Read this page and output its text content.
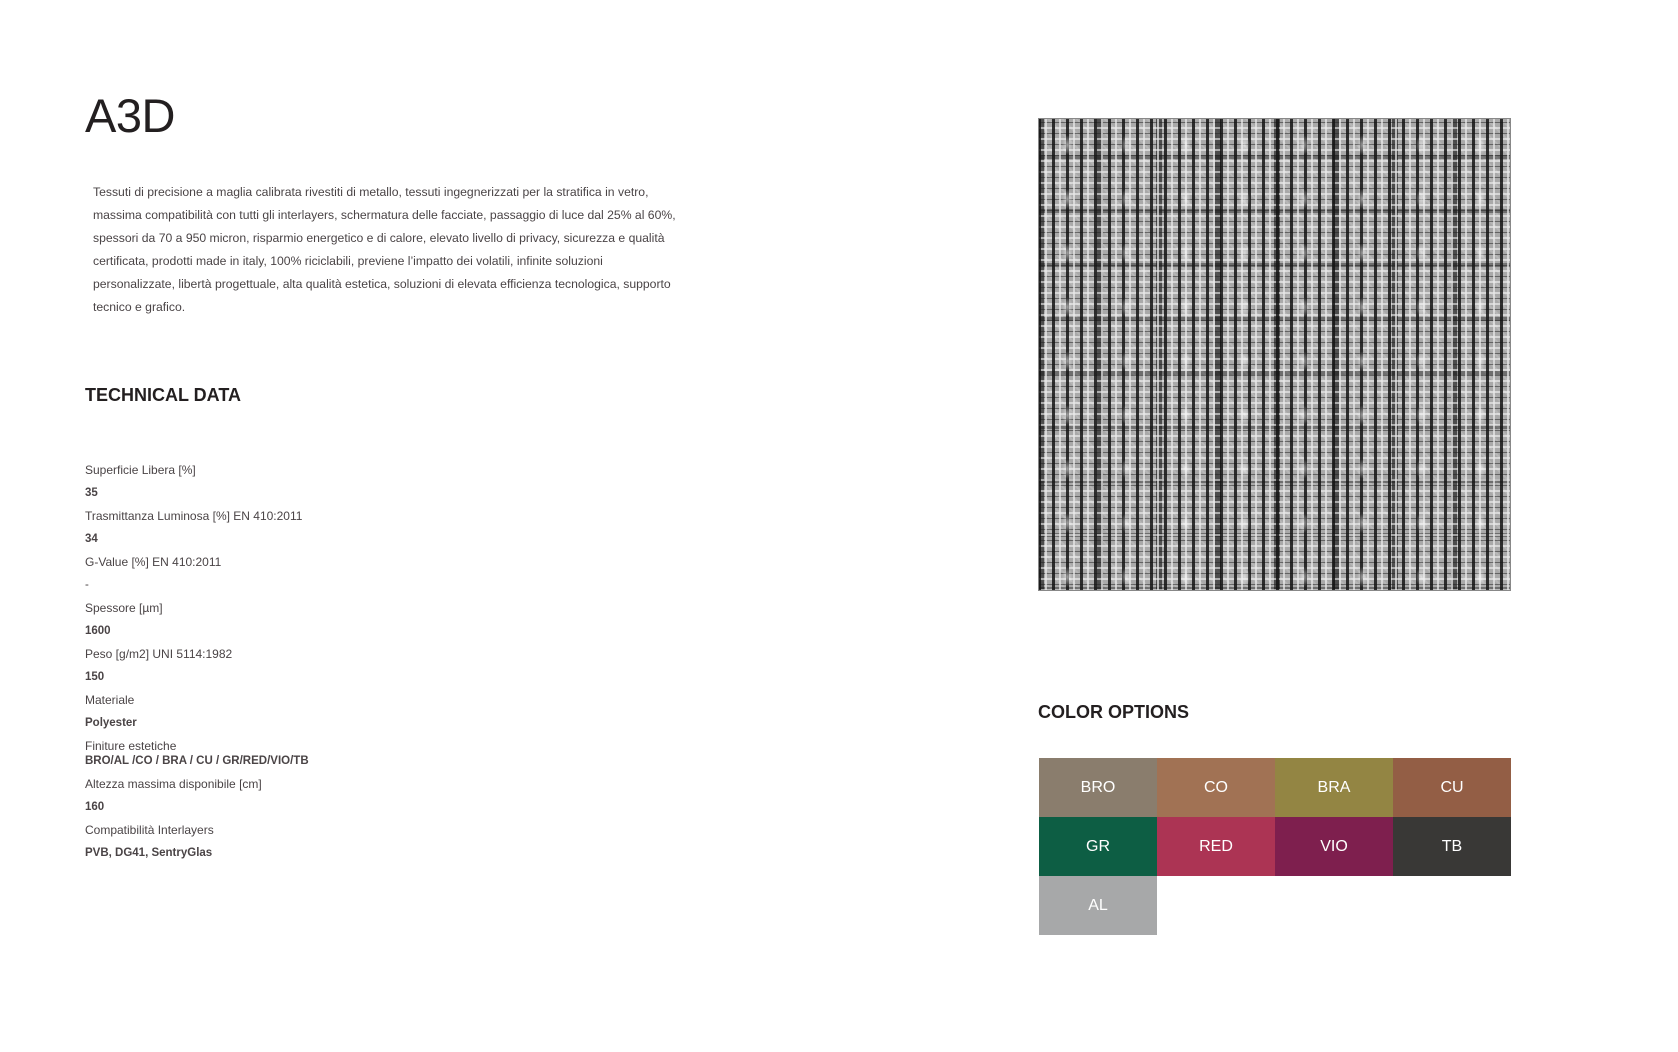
A3D

Tessuti di precisione a maglia calibrata rivestiti di metallo, tessuti ingegnerizzati per la stratifica in vetro, massima compatibilità con tutti gli interlayers, schermatura delle facciate, passaggio di luce dal 25% al 60%, spessori da 70 a 950 micron, risparmio energetico e di calore, elevato livello di privacy, sicurezza e qualità certificata, prodotti made in italy, 100% riciclabili, previene l’impatto dei volatili, infinite soluzioni personalizzate, libertà progettuale, alta qualità estetica, soluzioni di elevata efficienza tecnologica, supporto tecnico e grafico.

TECHNICAL DATA
Superficie Libera [%]
35
Trasmittanza Luminosa [%] EN 410:2011
34
G-Value [%] EN 410:2011
-
Spessore [µm]
1600
Peso [g/m2] UNI 5114:1982
150
Materiale
Polyester
Finiture estetiche
BRO/AL /CO / BRA / CU / GR/RED/VIO/TB
Altezza massima disponibile [cm]
160
Compatibilità Interlayers
PVB, DG41, SentryGlas
COLOR OPTIONS
BRO	CO	BRA	CU
GR	RED	VIO	TB
AL
